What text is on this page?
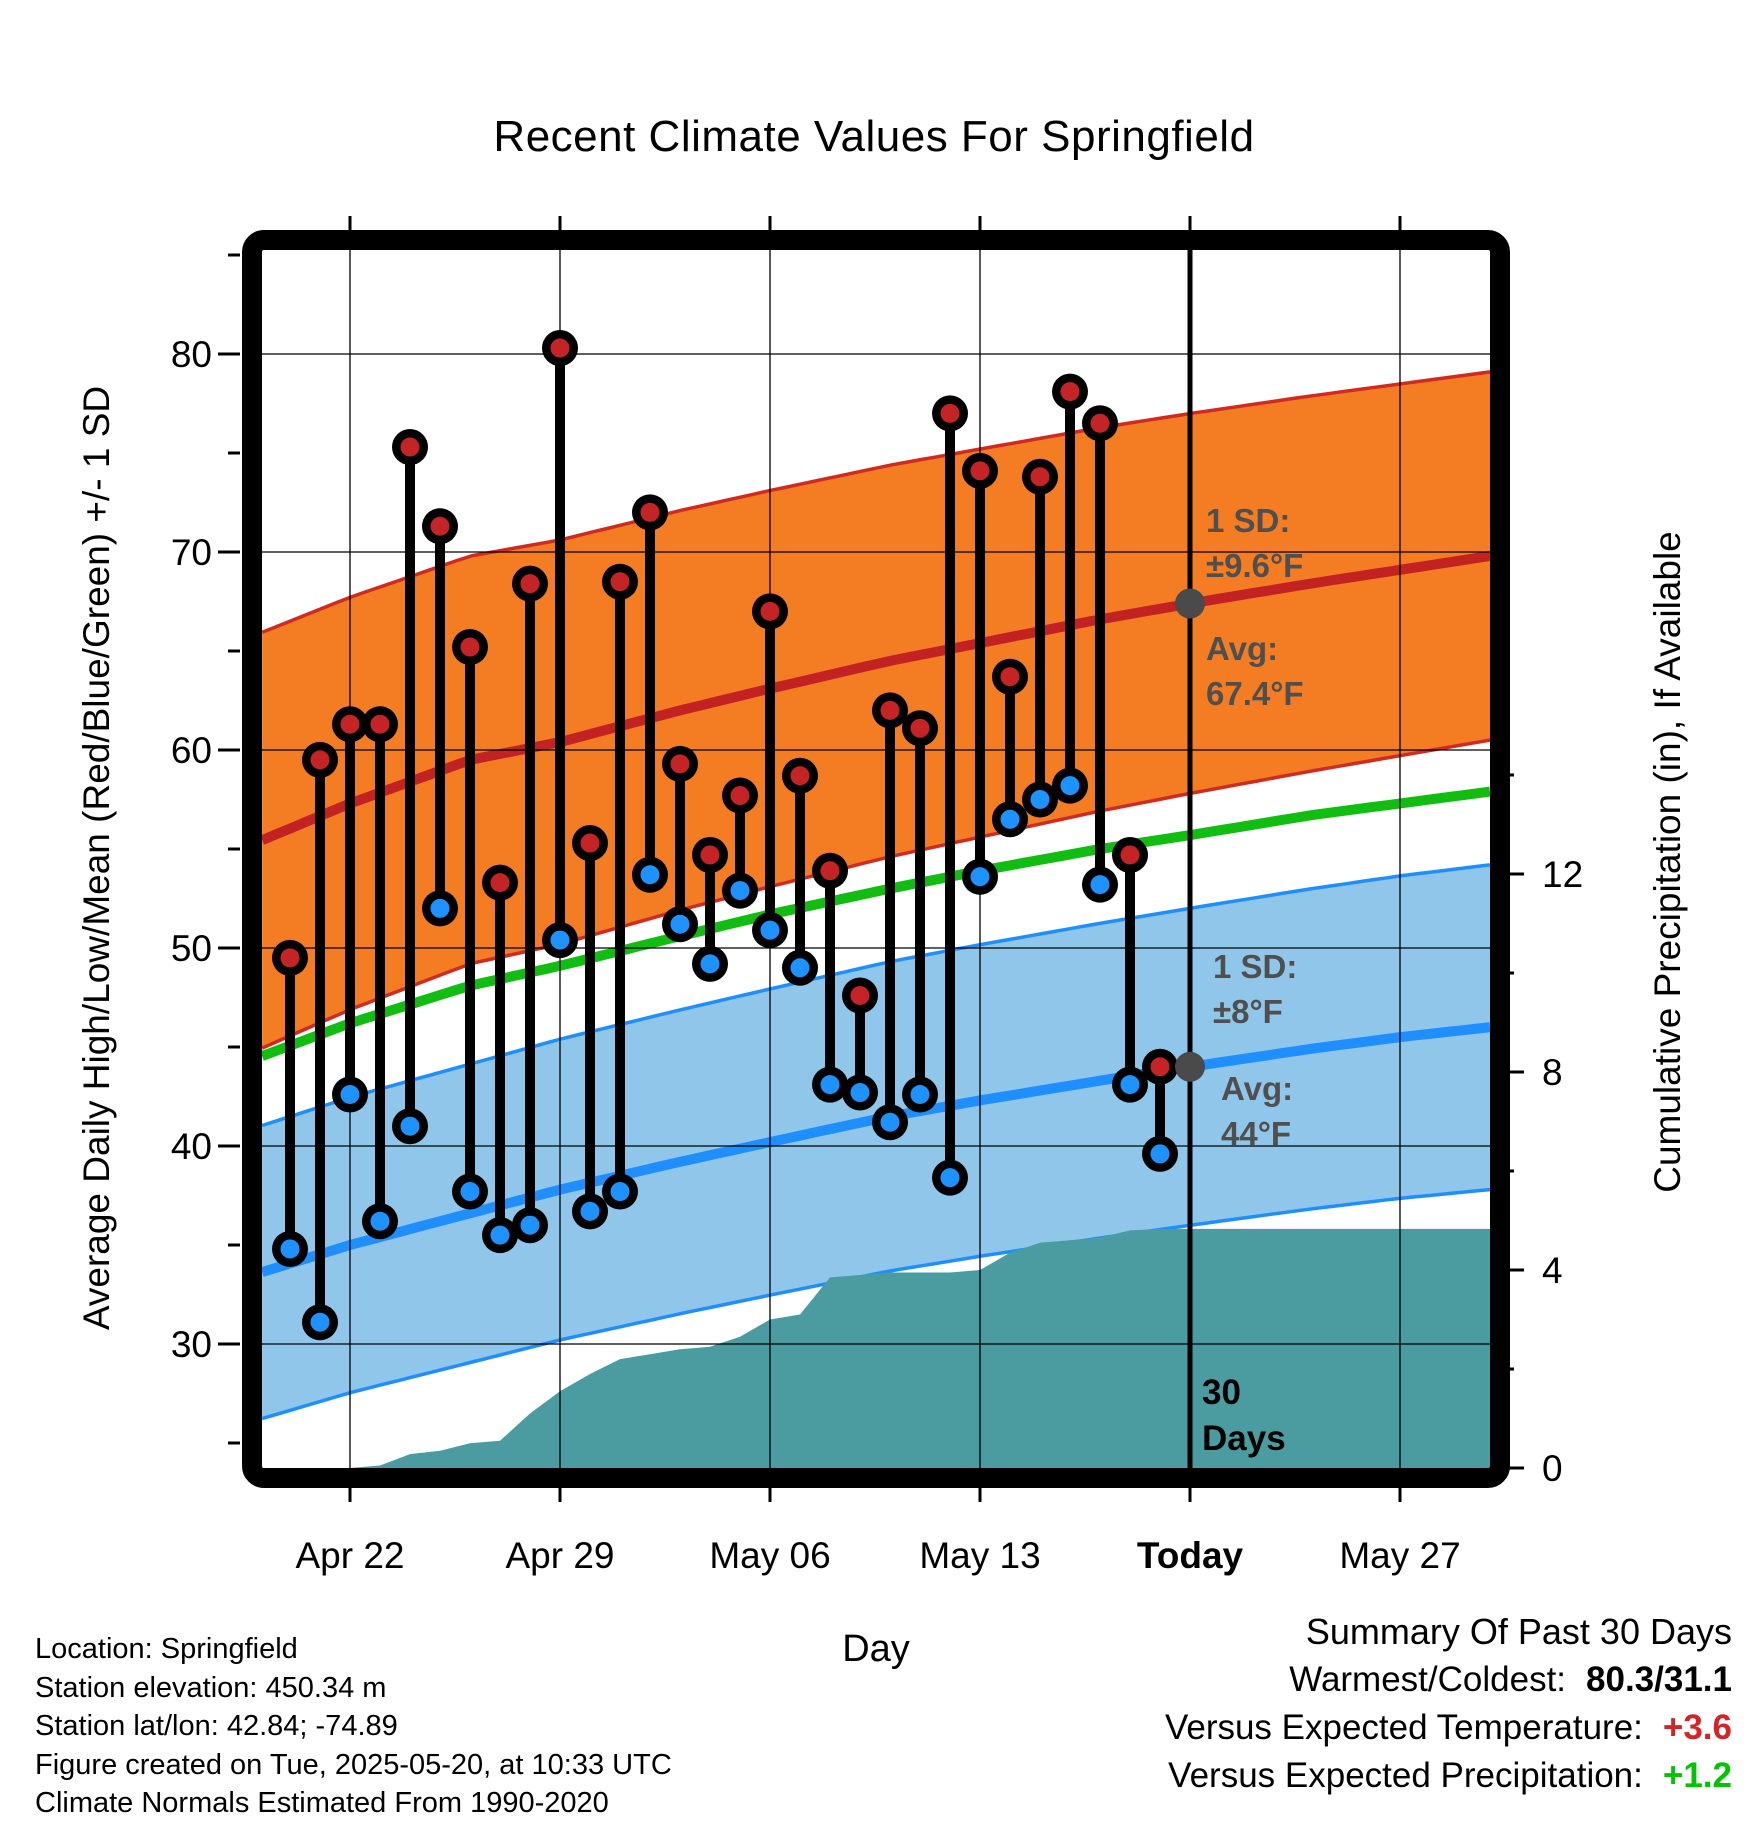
80
70
60
50
40
30
12
8
4
0
Apr 22	Apr 29	May 06 May 13	Today	May 27
Recent Climate Values For Springfield
Average Daily High/Low/Mean (Red/Blue/Green) +/- 1 SD	Cumulative Precipitation (in), If Available
Day
1 SD:
±9.6°F
Avg:
67.4°F
1 SD:
±8°F
Avg:
44°F
30
Days
Location: Springfield
Station elevation: 450.34 m
Station lat/lon: 42.84; -74.89
Figure created on Tue, 2025-05-20, at 10:33 UTC
Climate Normals Estimated From 1990-2020
Summary Of Past 30 Days
Warmest/Coldest: 80.3/31.1
Versus Expected Temperature: +3.6
Versus Expected Precipitation: +1.2
